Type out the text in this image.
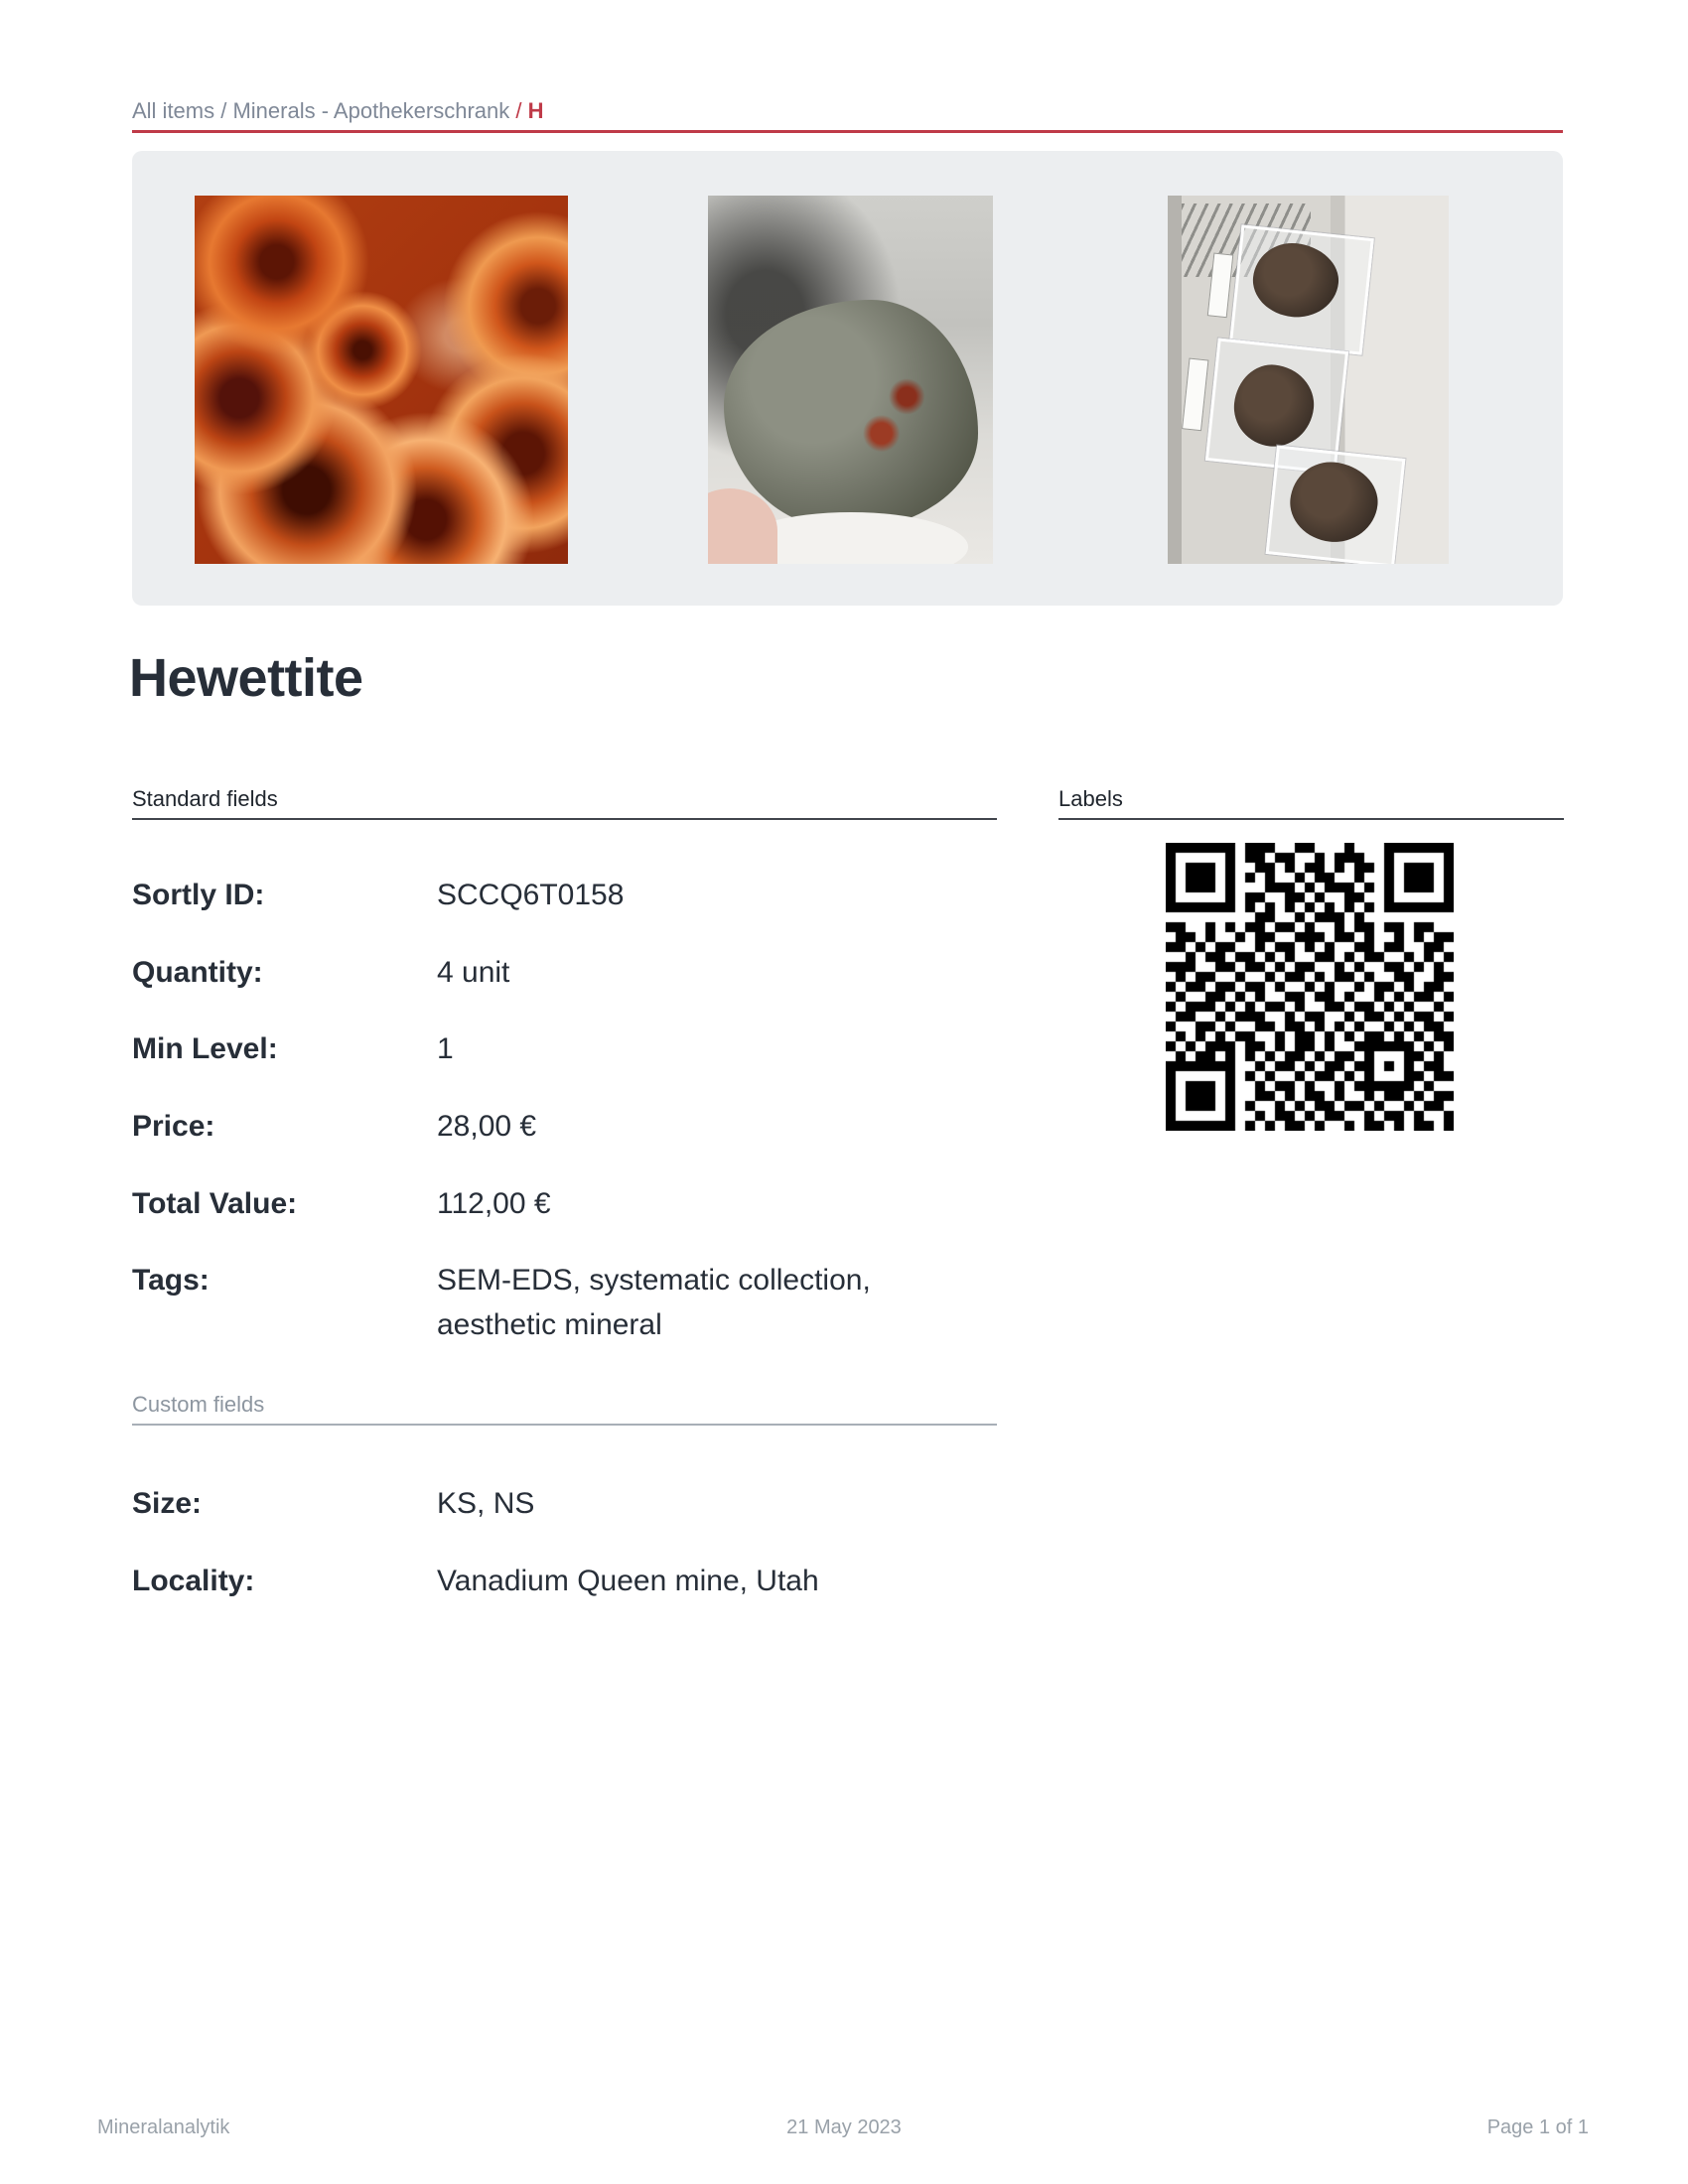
All items / Minerals - Apothekerschrank / H
Hewettite
Standard fields	Labels
Sortly ID:	SCCQ6T0158
Quantity:	4 unit
Min Level:	1
Price:	28,00 €
Total Value:	112,00 €
Tags:	SEM-EDS, systematic collection, aesthetic mineral
Size:	KS, NS
Locality:	Vanadium Queen mine, Utah
Custom fields
Mineralanalytik	21 May 2023	Page 1 of 1
